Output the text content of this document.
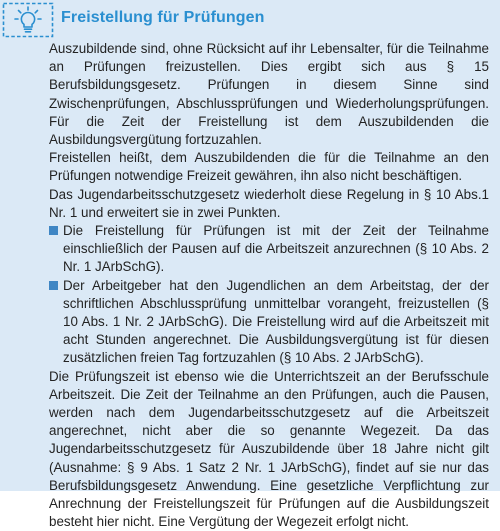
Freistellung für Prüfungen

Auszubildende sind, ohne Rücksicht auf ihr Lebensalter, für die Teilnahme an Prüfungen freizustellen. Dies ergibt sich aus § 15 Berufsbildungsgesetz. Prüfungen in diesem Sinne sind Zwischenprüfungen, Abschlussprüfungen und Wiederholungsprüfungen. Für die Zeit der Freistellung ist dem Auszubildenden die Ausbildungsvergütung fortzuzahlen.

Freistellen heißt, dem Auszubildenden die für die Teilnahme an den Prüfungen notwendige Freizeit gewähren, ihn also nicht beschäftigen.

Das Jugendarbeitsschutzgesetz wiederholt diese Regelung in § 10 Abs.1 Nr. 1 und erweitert sie in zwei Punkten.

Die Freistellung für Prüfungen ist mit der Zeit der Teilnahme einschließlich der Pausen auf die Arbeitszeit anzurechnen (§ 10 Abs. 2 Nr. 1 JArbSchG).
Der Arbeitgeber hat den Jugendlichen an dem Arbeitstag, der der schriftlichen Abschlussprüfung unmittelbar vorangeht, freizustellen (§ 10 Abs. 1 Nr. 2 JArbSchG). Die Freistellung wird auf die Arbeitszeit mit acht Stunden angerechnet. Die Ausbildungsvergütung ist für diesen zusätzlichen freien Tag fortzuzahlen (§ 10 Abs. 2 JArbSchG).

Die Prüfungszeit ist ebenso wie die Unterrichtszeit an der Berufsschule Arbeitszeit. Die Zeit der Teilnahme an den Prüfungen, auch die Pausen, werden nach dem Jugendarbeitsschutzgesetz auf die Arbeitszeit angerechnet, nicht aber die so genannte Wegezeit. Da das Jugendarbeitsschutzgesetz für Auszubildende über 18 Jahre nicht gilt (Ausnahme: § 9 Abs. 1 Satz 2 Nr. 1 JArbSchG), findet auf sie nur das Berufsbildungsgesetz Anwendung. Eine gesetzliche Verpflichtung zur Anrechnung der Freistellungszeit für Prüfungen auf die Ausbildungszeit besteht hier nicht. Eine Vergütung der Wegezeit erfolgt nicht.
